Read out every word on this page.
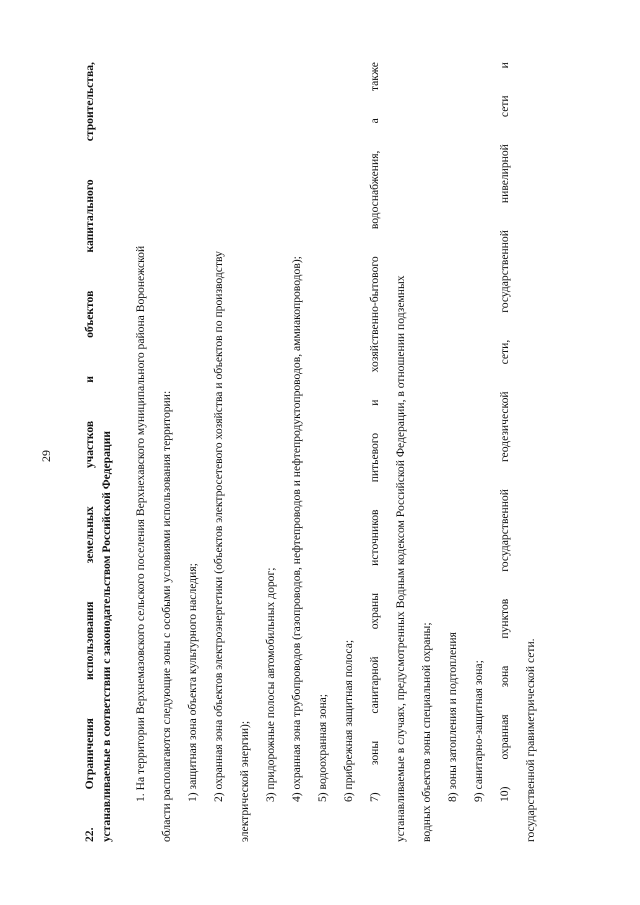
29
22.
Ограничения
использования
земельных
участков
и
объектов
капитального
строительства,
устанавливаемые в соответствии с законодательством Российской Федерации	1. На территории Верхнемазовского сельского поселения Верхнехавского муниципального района Воронежской	области располагаются следующие зоны с особыми условиями использования территории:	1) защитная зона объекта культурного наследия;	2) охранная зона объектов электроэнергетики (объектов электросетевого хозяйства и объектов по производству	электрической энергии);	3) придорожные полосы автомобильных дорог;	4) охранная зона трубопроводов (газопроводов, нефтепроводов и нефтепродуктопроводов, аммиакопроводов);	5) водоохранная зона;	6) прибрежная защитная полоса;	7)
зоны
санитарной
охраны
источников
питьевого
и
хозяйственно-бытового
водоснабжения,
а
также
устанавливаемые в случаях, предусмотренных Водным кодексом Российской Федерации, в отношении подземных	водных объектов зоны специальной охраны;	8) зоны затопления и подтопления	9) санитарно-защитная зона;	10)
охранная
зона
пунктов
государственной
геодезической
сети,
государственной
нивелирной
сети
и
государственной гравиметрической сети.
